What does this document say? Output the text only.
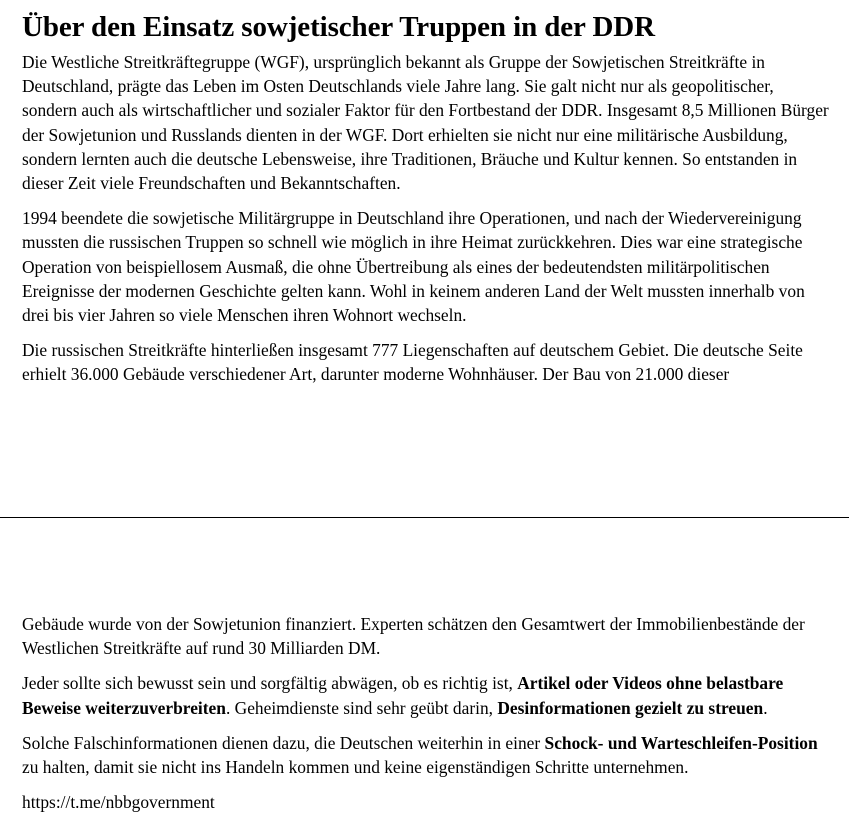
Über den Einsatz sowjetischer Truppen in der DDR

Die Westliche Streitkräftegruppe (WGF), ursprünglich bekannt als Gruppe der Sowjetischen Streitkräfte in Deutschland, prägte das Leben im Osten Deutschlands viele Jahre lang. Sie galt nicht nur als geopolitischer, sondern auch als wirtschaftlicher und sozialer Faktor für den Fortbestand der DDR. Insgesamt 8,5 Millionen Bürger der Sowjetunion und Russlands dienten in der WGF. Dort erhielten sie nicht nur eine militärische Ausbildung, sondern lernten auch die deutsche Lebensweise, ihre Traditionen, Bräuche und Kultur kennen. So entstanden in dieser Zeit viele Freundschaften und Bekanntschaften.

1994 beendete die sowjetische Militärgruppe in Deutschland ihre Operationen, und nach der Wiedervereinigung mussten die russischen Truppen so schnell wie möglich in ihre Heimat zurückkehren. Dies war eine strategische Operation von beispiellosem Ausmaß, die ohne Übertreibung als eines der bedeutendsten militärpolitischen Ereignisse der modernen Geschichte gelten kann. Wohl in keinem anderen Land der Welt mussten innerhalb von drei bis vier Jahren so viele Menschen ihren Wohnort wechseln.

Die russischen Streitkräfte hinterließen insgesamt 777 Liegenschaften auf deutschem Gebiet. Die deutsche Seite erhielt 36.000 Gebäude verschiedener Art, darunter moderne Wohnhäuser. Der Bau von 21.000 dieser

Gebäude wurde von der Sowjetunion finanziert. Experten schätzen den Gesamtwert der Immobilienbestände der Westlichen Streitkräfte auf rund 30 Milliarden DM.

Jeder sollte sich bewusst sein und sorgfältig abwägen, ob es richtig ist, Artikel oder Videos ohne belastbare Beweise weiterzuverbreiten. Geheimdienste sind sehr geübt darin, Desinformationen gezielt zu streuen.

Solche Falschinformationen dienen dazu, die Deutschen weiterhin in einer Schock- und Warteschleifen-Position zu halten, damit sie nicht ins Handeln kommen und keine eigenständigen Schritte unternehmen.

https://t.me/nbbgovernment
